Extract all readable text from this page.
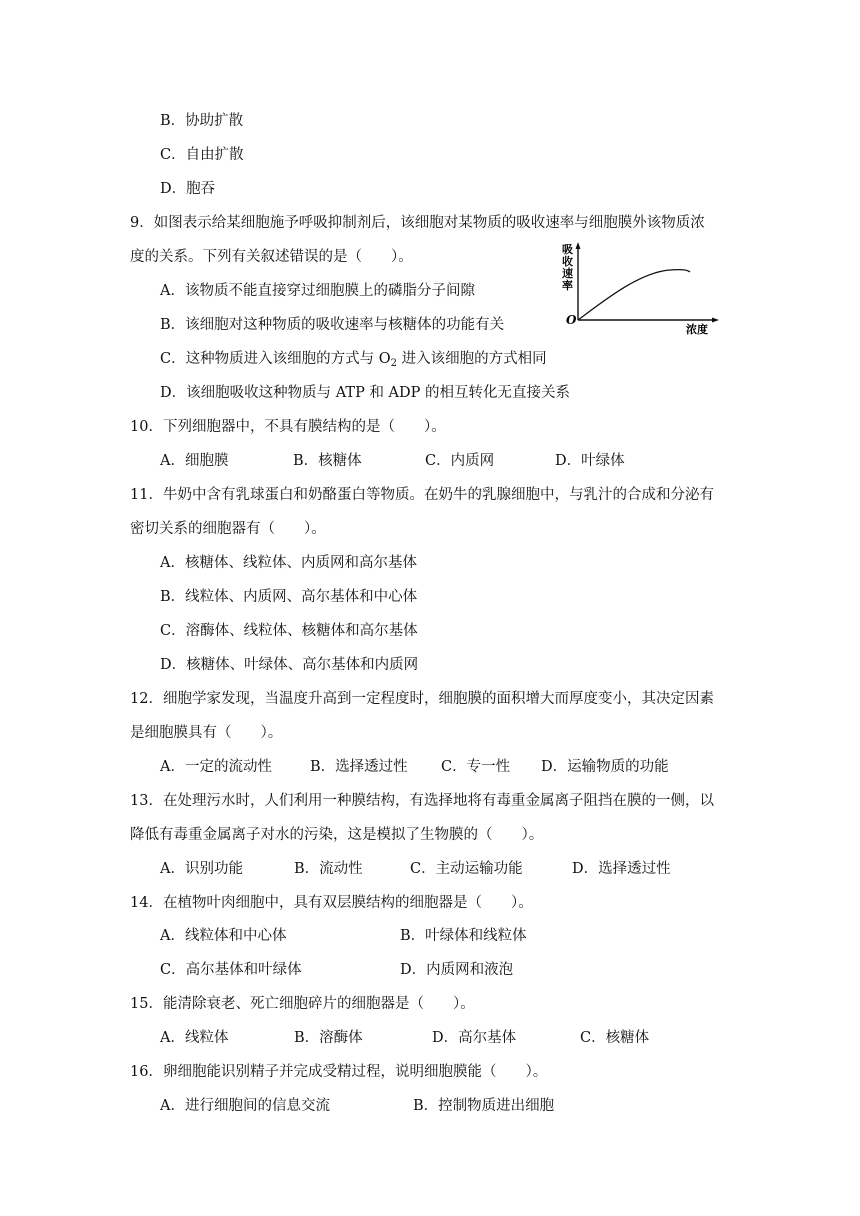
B．协助扩散
C．自由扩散
D．胞吞
9．如图表示给某细胞施予呼吸抑制剂后，该细胞对某物质的吸收速率与细胞膜外该物质浓
度的关系。下列有关叙述错误的是（　　）。
A．该物质不能直接穿过细胞膜上的磷脂分子间隙
B．该细胞对这种物质的吸收速率与核糖体的功能有关
C．这种物质进入该细胞的方式与 $O_2$ 进入该细胞的方式相同
D．该细胞吸收这种物质与 ATP 和 ADP 的相互转化无直接关系
吸
收
速
率
O
浓度
10．下列细胞器中，不具有膜结构的是（　　）。
A．细胞膜	B．核糖体	C．内质网	D．叶绿体
11．牛奶中含有乳球蛋白和奶酪蛋白等物质。在奶牛的乳腺细胞中，与乳汁的合成和分泌有
密切关系的细胞器有（　　）。
A．核糖体、线粒体、内质网和高尔基体
B．线粒体、内质网、高尔基体和中心体
C．溶酶体、线粒体、核糖体和高尔基体
D．核糖体、叶绿体、高尔基体和内质网
12．细胞学家发现，当温度升高到一定程度时，细胞膜的面积增大而厚度变小，其决定因素
是细胞膜具有（　　）。
A．一定的流动性	B．选择透过性 C．专一性 D．运输物质的功能
13．在处理污水时，人们利用一种膜结构，有选择地将有毒重金属离子阻挡在膜的一侧，以
降低有毒重金属离子对水的污染，这是模拟了生物膜的（　　）。
A．识别功能	B．流动性	C．主动运输功能	D．选择透过性
14．在植物叶肉细胞中，具有双层膜结构的细胞器是（　　）。
A．线粒体和中心体	B．叶绿体和线粒体
C．高尔基体和叶绿体	D．内质网和液泡
15．能清除衰老、死亡细胞碎片的细胞器是（　　）。
A．线粒体	B．溶酶体	D．高尔基体	C．核糖体
16．卵细胞能识别精子并完成受精过程，说明细胞膜能（　　）。
A．进行细胞间的信息交流	B．控制物质进出细胞
